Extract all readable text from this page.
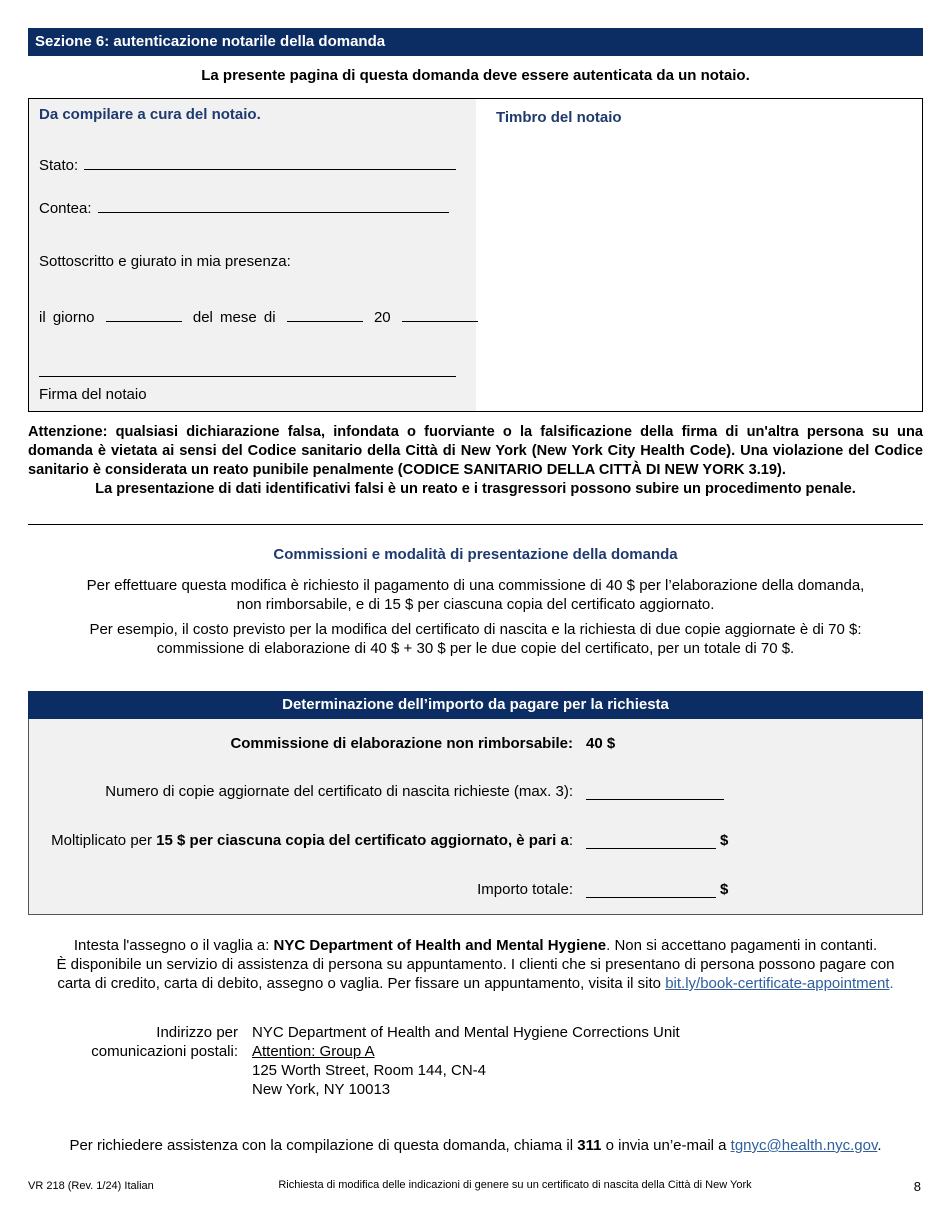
Sezione 6: autenticazione notarile della domanda
La presente pagina di questa domanda deve essere autenticata da un notaio.
Da compilare a cura del notaio.	Timbro del notaio
Stato:
Contea:
Sottoscritto e giurato in mia presenza:
il giorno	del mese di	20
Firma del notaio
Attenzione: qualsiasi dichiarazione falsa, infondata o fuorviante o la falsificazione della firma di un'altra persona su una domanda è vietata ai sensi del Codice sanitario della Città di New York (New York City Health Code). Una violazione del Codice sanitario è considerata un reato punibile penalmente (CODICE SANITARIO DELLA CITTÀ DI NEW YORK 3.19).
La presentazione di dati identificativi falsi è un reato e i trasgressori possono subire un procedimento penale.
Commissioni e modalità di presentazione della domanda
Per effettuare questa modifica è richiesto il pagamento di una commissione di 40 $ per l’elaborazione della domanda,
non rimborsabile, e di 15 $ per ciascuna copia del certificato aggiornato.
Per esempio, il costo previsto per la modifica del certificato di nascita e la richiesta di due copie aggiornate è di 70 $:
commissione di elaborazione di 40 $ + 30 $ per le due copie del certificato, per un totale di 70 $.
Determinazione dell’importo da pagare per la richiesta
Commissione di elaborazione non rimborsabile: 40 $
Numero di copie aggiornate del certificato di nascita richieste (max. 3):
Moltiplicato per 15 $ per ciascuna copia del certificato aggiornato, è pari a:	$
Importo totale:	$
Intesta l'assegno o il vaglia a: NYC Department of Health and Mental Hygiene. Non si accettano pagamenti in contanti.
È disponibile un servizio di assistenza di persona su appuntamento. I clienti che si presentano di persona possono pagare con
carta di credito, carta di debito, assegno o vaglia. Per fissare un appuntamento, visita il sito bit.ly/book-certificate-appointment.
Indirizzo per
comunicazioni postali:
NYC Department of Health and Mental Hygiene Corrections Unit
Attention: Group A
125 Worth Street, Room 144, CN-4
New York, NY 10013
Per richiedere assistenza con la compilazione di questa domanda, chiama il 311 o invia un’e-mail a tgnyc@health.nyc.gov.
VR 218 (Rev. 1/24) Italian	Richiesta di modifica delle indicazioni di genere su un certificato di nascita della Città di New York	8
